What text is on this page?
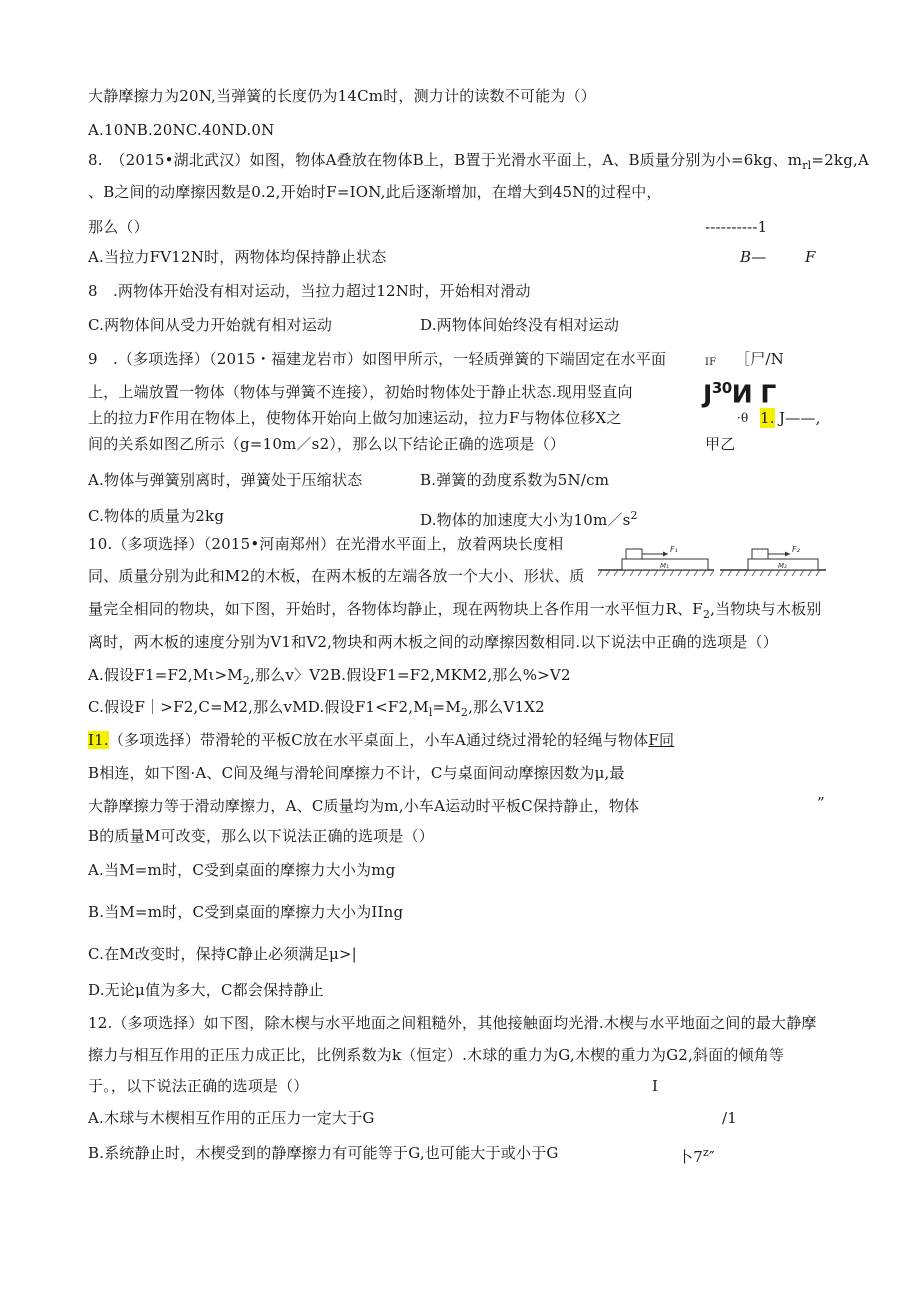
大静摩擦力为20N,当弹簧的长度仍为14Cm时，测力计的读数不可能为（）
A.10NB.20NC.40ND.0N
8.　（2015•湖北武汉）如图，物体A叠放在物体B上，B置于光滑水平面上，A、B质量分别为小=6kg、$m_{rl}=2kg,A$
、B之间的动摩擦因数是0.2,开始时F=ION,此后逐渐增加，在增大到45N的过程中，
那么（）
A.当拉力FV12N时，两物体均保持静止状态
8　.两物体开始没有相对运动，当拉力超过12N时，开始相对滑动
C.两物体间从受力开始就有相对运动	D.两物体间始终没有相对运动
----------1
B—	F
9　.（多项选择）（2015・福建龙岩市）如图甲所示，一轻质弹簧的下端固定在水平面
上，上端放置一物体（物体与弹簧不连接），初始时物体处于静止状态.现用竖直向
上的拉力F作用在物体上，使物体开始向上做匀加速运动，拉力F与物体位移X之
间的关系如图乙所示（g=10m／s2），那么以下结论正确的选项是（）
A.物体与弹簧别离时，弹簧处于压缩状态	B.弹簧的劲度系数为5N/cm
C.物体的质量为2kg	D.物体的加速度大小为$10m/s^2$
IF ［尸/N
$J^{30}И$ Г
·θ 1. J——,
甲乙
10.（多项选择）（2015•河南郑州）在光滑水平面上，放着两块长度相
同、质量分别为此和M2的木板，在两木板的左端各放一个大小、形状、质
量完全相同的物块，如下图，开始时，各物体均静止，现在两物块上各作用一水平恒力R、$F_2$,当物块与木板别
离时，两木板的速度分别为V1和V2,物块和两木板之间的动摩擦因数相同.以下说法中正确的选项是（）
A.假设$F1=F2,M\iota>M_2$,那么v〉V2B.假设F1=F2,MKM2,那么%>V2
C.假设F｜>F2,C=M2,那么vMD.假设$F1<F2,M_l=M_2$,那么V1X2
F₁
M₁
F₂
M₂
I1.（多项选择）带滑轮的平板C放在水平桌面上，小车A通过绕过滑轮的轻绳与物体F同
B相连，如下图·A、C间及绳与滑轮间摩擦力不计，C与桌面间动摩擦因数为μ,最
大静摩擦力等于滑动摩擦力，A、C质量均为m,小车A运动时平板C保持静止，物体	”
B的质量M可改变，那么以下说法正确的选项是（）
A.当M=m时，C受到桌面的摩擦力大小为mg
B.当M=m时，C受到桌面的摩擦力大小为IIng
C.在M改变时，保持C静止必须满足μ>|
D.无论μ值为多大，C都会保持静止
12.（多项选择）如下图，除木楔与水平地面之间粗糙外，其他接触面均光滑.木楔与水平地面之间的最大静摩
擦力与相互作用的正压力成正比，比例系数为k（恒定）.木球的重力为G,木楔的重力为G2,斜面的倾角等
于。，以下说法正确的选项是（）
A.木球与木楔相互作用的正压力一定大于G
B.系统静止时，木楔受到的静摩擦力有可能等于G,也可能大于或小于G
I
/1
卜7$^z$″
